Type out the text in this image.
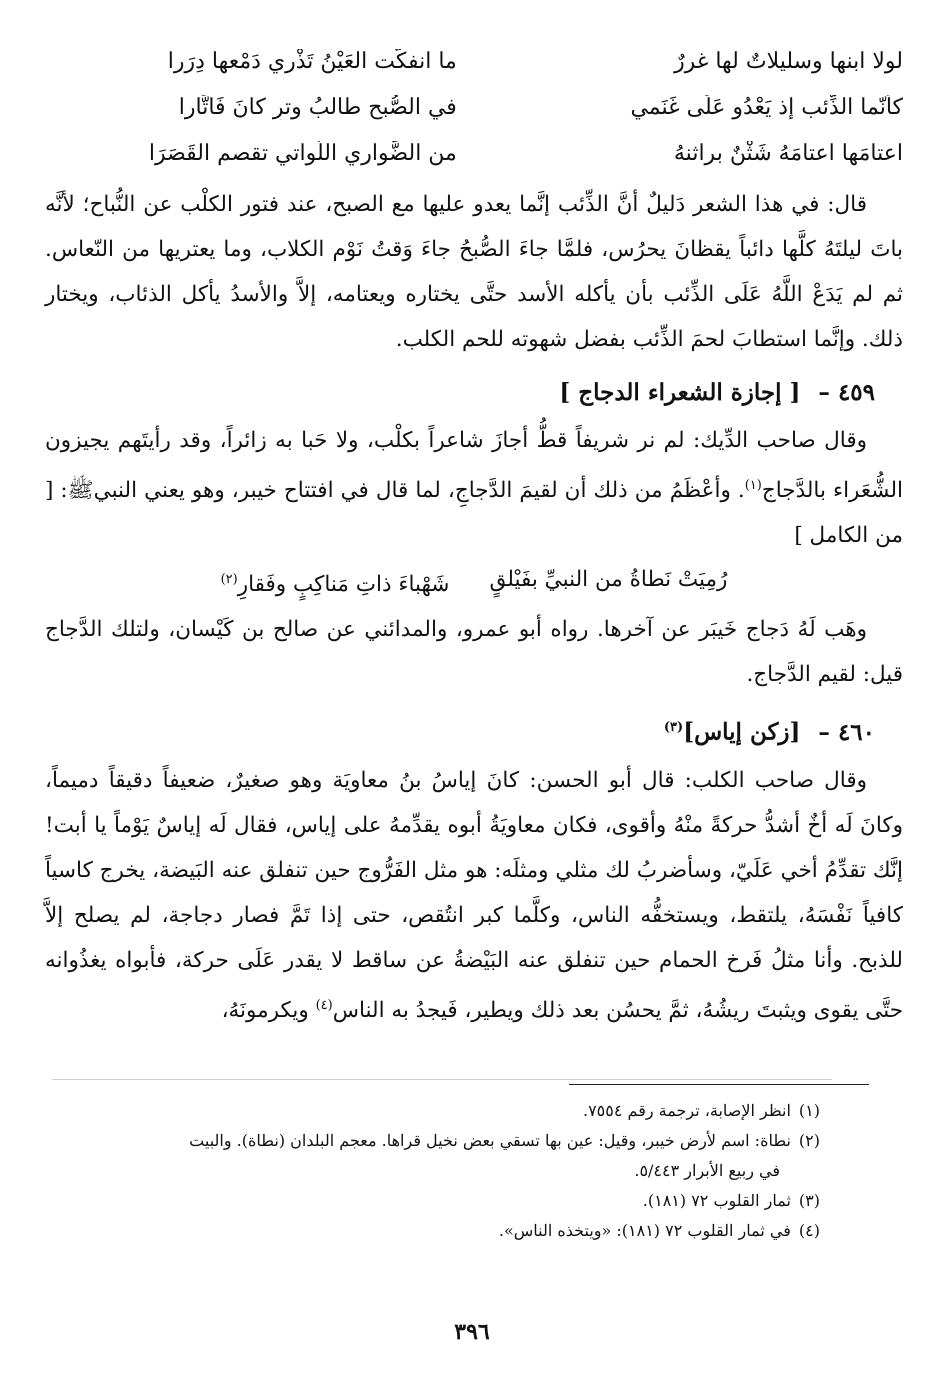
لولا ابنها وسليلاتٌ لها غررٌ
ما انفكّت العَيْنُ تَذْري دَمْعها دِرَرا
كأنّما الذِّئب إذ يَعْدُو عَلَى غَنَمي
في الصُّبح طالبُ وِترٍ كانَ فَاتَّارا
اعتامَها اعتامَهُ شَثْنٌ براثنهُ
من الضَّواري اللّواتي تقصم القَصَرَا

قال: في هذا الشعر دَليلٌ أنَّ الذِّئب إنَّما يعدو عليها مع الصبح، عند فتور الكلْب عن النُّباح؛ لأنَّه باتَ ليلتَهُ كلَّها دائباً يقظانَ يحرُس، فلمَّا جاءَ الصُّبحُ جاءَ وَقتُ نَوْم الكلاب، وما يعتريها من النّعاس. ثم لم يَدَعْ اللَّهُ عَلَى الذِّئب بأن يأكله الأسد حتَّى يختاره ويعتامه، إلاَّ والأسدُ يأكل الذئاب، ويختار ذلك. وإنَّما استطابَ لحمَ الذِّئب بفضل شهوته للحم الكلب.

٤٥٩ – [ إجازة الشعراء الدجاج ]

وقال صاحب الدِّيك: لم نر شريفاً قطُّ أجازَ شاعراً بكلْب، ولا حَبا به زائراً، وقد رأيتَهم يجيزون الشُّعَراء بالدَّجاج$^{(١)}$. وأعْظَمُ من ذلك أن لقيمَ الدَّجاجِ، لما قال في افتتاح خيبر، وهو يعني النبيﷺ: [ من الكامل ]

رُمِيَتْ نَطاةُ من النبيِّ بفَيْلقٍ
شَهْباءَ ذاتِ مَناكِبٍ وفَقارِ$^{(٢)}$

وهَب لَهُ دَجاج خَيبَر عن آخرها. رواه أبو عمرو، والمدائني عن صالح بن كَيْسان، ولتلك الدَّجاج قيل: لقيم الدَّجاج.

٤٦٠ – [زكن إياس]$^{(٣)}$

وقال صاحب الكلب: قال أبو الحسن: كانَ إياسُ بنُ معاويَة وهو صغيرٌ، ضعيفاً دقيقاً دميماً، وكانَ لَه أخٌ أشدُّ حركةً منْهُ وأقوى، فكان معاويَةُ أبوه يقدِّمهُ على إياس، فقال لَه إياسٌ يَوْماً يا أبت! إنَّك تقدِّمُ أخي عَلَيّ، وسأضربُ لك مثلي ومثلَه: هو مثل الفَرُّوج حين تنفلق عنه البَيضة، يخرج كاسياً كافياً نَفْسَهُ، يلتقط، ويستخفُّه الناس، وكلَّما كبر انتُقص، حتى إذا تَمَّ فصار دجاجة، لم يصلح إلاَّ للذبح. وأنا مثلُ فَرخ الحمام حين تنفلق عنه البَيْضةُ عن ساقط لا يقدر عَلَى حركة، فأبواه يغذُوانه حتَّى يقوى ويثبتَ ريشُهُ، ثمَّ يحسُن بعد ذلك ويطير، فَيجدُ به الناس$^{(٤)}$ ويكرمونَهُ،

(١)انظر الإصابة، ترجمة رقم ٧٥٥٤.

(٢)نطاة: اسم لأرض خيبر، وقيل: عين بها تسقي بعض نخيل قراها. معجم البلدان (نطاة). والبيت
في ربيع الأبرار ٥/٤٤٣.

(٣)ثمار القلوب ٧٢ (١٨١).

(٤)في ثمار القلوب ٧٢ (١٨١): «ويتخذه الناس».

٣٩٦
